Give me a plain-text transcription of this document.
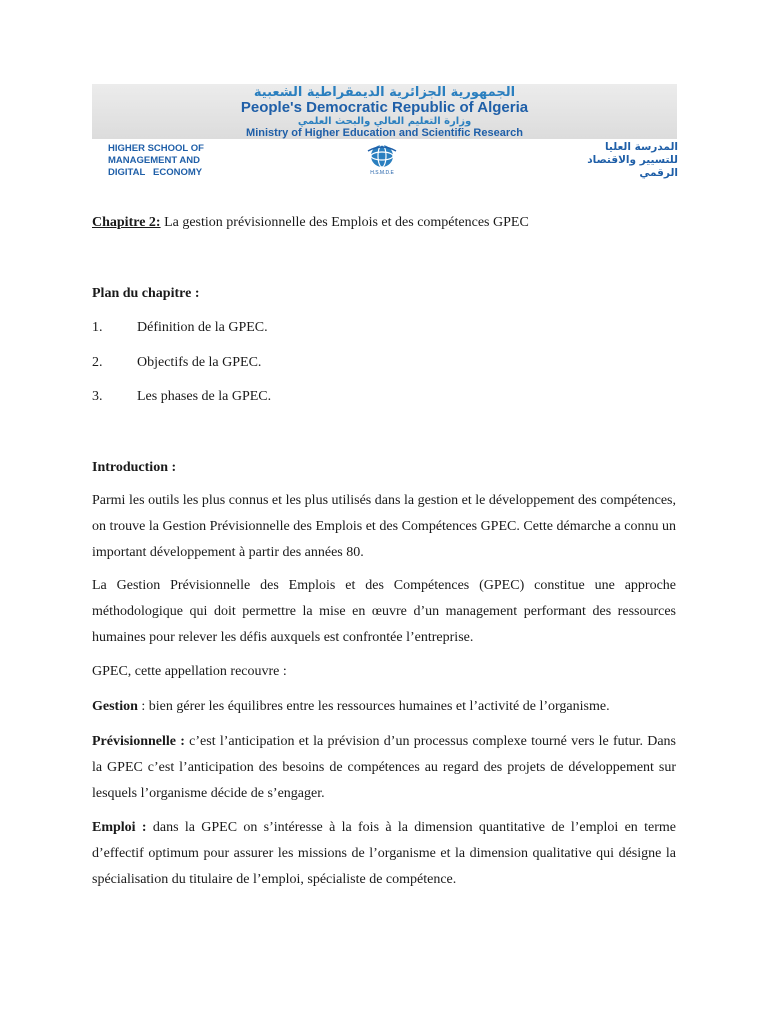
الجمهورية الجزائرية الديمقراطية الشعبية
People's Democratic Republic of Algeria
وزارة التعليم العالي والبحث العلمي
Ministry of Higher Education and Scientific Research
HIGHER SCHOOL OF
MANAGEMENT AND
DIGITAL   ECONOMY	H.S.M.D.E
المدرسة العليا
للتسيير والاقتصاد
الرقمي
Chapitre 2: La gestion prévisionnelle des Emplois et des compétences GPEC
Plan du chapitre :
1. Définition de la GPEC.
2. Objectifs de la GPEC.
3. Les phases de la GPEC.
Introduction :
Parmi les outils les plus connus et les plus utilisés dans la gestion et le développement des compétences, on trouve la Gestion Prévisionnelle des Emplois et des Compétences GPEC. Cette démarche a connu un important développement à partir des années 80.
La Gestion Prévisionnelle des Emplois et des Compétences (GPEC) constitue une approche méthodologique qui doit permettre la mise en œuvre d’un management performant des ressources humaines pour relever les défis auxquels est confrontée l’entreprise.
GPEC, cette appellation recouvre :
Gestion : bien gérer les équilibres entre les ressources humaines et l’activité de l’organisme.
Prévisionnelle : c’est l’anticipation et la prévision d’un processus complexe tourné vers le futur. Dans la GPEC c’est l’anticipation des besoins de compétences au regard des projets de développement sur lesquels l’organisme décide de s’engager.
Emploi : dans la GPEC on s’intéresse à la fois à la dimension quantitative de l’emploi en terme d’effectif optimum pour assurer les missions de l’organisme et la dimension qualitative qui désigne la spécialisation du titulaire de l’emploi, spécialiste de compétence.
